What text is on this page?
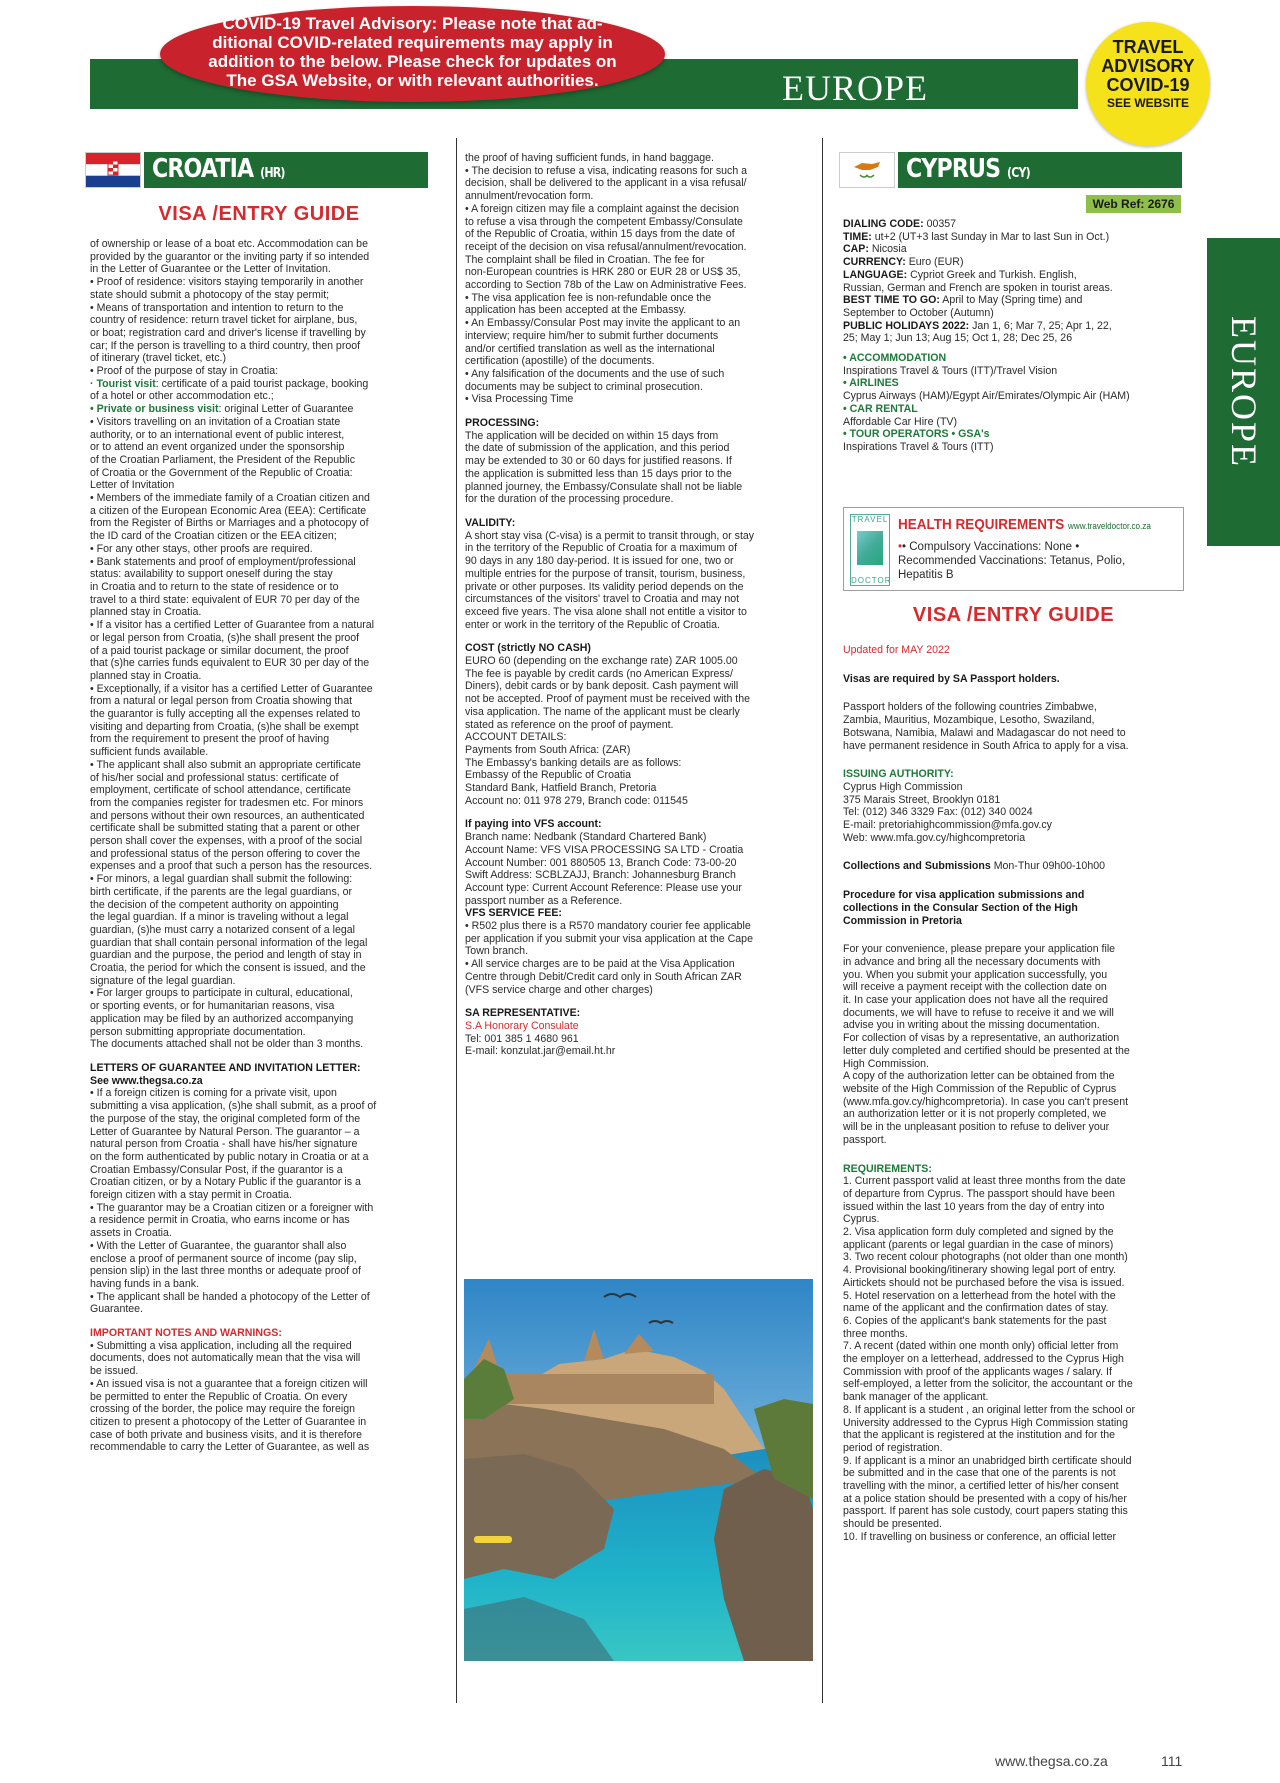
EUROPE
COVID-19 Travel Advisory: Please note that ad-
ditional COVID-related requirements may apply in
addition to the below. Please check for updates on
The GSA Website, or with relevant authorities.
TRAVEL
ADVISORY
COVID-19
SEE WEBSITE
EUROPE
CROATIA (HR)
VISA /ENTRY GUIDE

of ownership or lease of a boat etc. Accommodation can be

provided by the guarantor or the inviting party if so intended

in the Letter of Guarantee or the Letter of Invitation.

• Proof of residence: visitors staying temporarily in another

state should submit a photocopy of the stay permit;

• Means of transportation and intention to return to the

country of residence: return travel ticket for airplane, bus,

or boat; registration card and driver's license if travelling by

car; If the person is travelling to a third country, then proof

of itinerary (travel ticket, etc.)

• Proof of the purpose of stay in Croatia:

· Tourist visit: certificate of a paid tourist package, booking

of a hotel or other accommodation etc.;

• Private or business visit: original Letter of Guarantee

• Visitors travelling on an invitation of a Croatian state

authority, or to an international event of public interest,

or to attend an event organized under the sponsorship

of the Croatian Parliament, the President of the Republic

of Croatia or the Government of the Republic of Croatia:

Letter of Invitation

• Members of the immediate family of a Croatian citizen and

a citizen of the European Economic Area (EEA): Certificate

from the Register of Births or Marriages and a photocopy of

the ID card of the Croatian citizen or the EEA citizen;

• For any other stays, other proofs are required.

• Bank statements and proof of employment/professional

status: availability to support oneself during the stay

in Croatia and to return to the state of residence or to

travel to a third state: equivalent of EUR 70 per day of the

planned stay in Croatia.

• If a visitor has a certified Letter of Guarantee from a natural

or legal person from Croatia, (s)he shall present the proof

of a paid tourist package or similar document, the proof

that (s)he carries funds equivalent to EUR 30 per day of the

planned stay in Croatia.

• Exceptionally, if a visitor has a certified Letter of Guarantee

from a natural or legal person from Croatia showing that

the guarantor is fully accepting all the expenses related to

visiting and departing from Croatia, (s)he shall be exempt

from the requirement to present the proof of having

sufficient funds available.

• The applicant shall also submit an appropriate certificate

of his/her social and professional status: certificate of

employment, certificate of school attendance, certificate

from the companies register for tradesmen etc. For minors

and persons without their own resources, an authenticated

certificate shall be submitted stating that a parent or other

person shall cover the expenses, with a proof of the social

and professional status of the person offering to cover the

expenses and a proof that such a person has the resources.

• For minors, a legal guardian shall submit the following:

birth certificate, if the parents are the legal guardians, or

the decision of the competent authority on appointing

the legal guardian. If a minor is traveling without a legal

guardian, (s)he must carry a notarized consent of a legal

guardian that shall contain personal information of the legal

guardian and the purpose, the period and length of stay in

Croatia, the period for which the consent is issued, and the

signature of the legal guardian.

• For larger groups to participate in cultural, educational,

or sporting events, or for humanitarian reasons, visa

application may be filed by an authorized accompanying

person submitting appropriate documentation.

The documents attached shall not be older than 3 months.

LETTERS OF GUARANTEE AND INVITATION LETTER:

See www.thegsa.co.za

• If a foreign citizen is coming for a private visit, upon

submitting a visa application, (s)he shall submit, as a proof of

the purpose of the stay, the original completed form of the

Letter of Guarantee by Natural Person. The guarantor – a

natural person from Croatia - shall have his/her signature

on the form authenticated by public notary in Croatia or at a

Croatian Embassy/Consular Post, if the guarantor is a

Croatian citizen, or by a Notary Public if the guarantor is a

foreign citizen with a stay permit in Croatia.

• The guarantor may be a Croatian citizen or a foreigner with

a residence permit in Croatia, who earns income or has

assets in Croatia.

• With the Letter of Guarantee, the guarantor shall also

enclose a proof of permanent source of income (pay slip,

pension slip) in the last three months or adequate proof of

having funds in a bank.

• The applicant shall be handed a photocopy of the Letter of

Guarantee.

IMPORTANT NOTES AND WARNINGS:

• Submitting a visa application, including all the required

documents, does not automatically mean that the visa will

be issued.

• An issued visa is not a guarantee that a foreign citizen will

be permitted to enter the Republic of Croatia. On every

crossing of the border, the police may require the foreign

citizen to present a photocopy of the Letter of Guarantee in

case of both private and business visits, and it is therefore

recommendable to carry the Letter of Guarantee, as well as

the proof of having sufficient funds, in hand baggage.

• The decision to refuse a visa, indicating reasons for such a

decision, shall be delivered to the applicant in a visa refusal/

annulment/revocation form.

• A foreign citizen may file a complaint against the decision

to refuse a visa through the competent Embassy/Consulate

of the Republic of Croatia, within 15 days from the date of

receipt of the decision on visa refusal/annulment/revocation.

The complaint shall be filed in Croatian. The fee for

non-European countries is HRK 280 or EUR 28 or US$ 35,

according to Section 78b of the Law on Administrative Fees.

• The visa application fee is non-refundable once the

application has been accepted at the Embassy.

• An Embassy/Consular Post may invite the applicant to an

interview; require him/her to submit further documents

and/or certified translation as well as the international

certification (apostille) of the documents.

• Any falsification of the documents and the use of such

documents may be subject to criminal prosecution.

• Visa Processing Time

PROCESSING:

The application will be decided on within 15 days from

the date of submission of the application, and this period

may be extended to 30 or 60 days for justified reasons. If

the application is submitted less than 15 days prior to the

planned journey, the Embassy/Consulate shall not be liable

for the duration of the processing procedure.

VALIDITY:

A short stay visa (C-visa) is a permit to transit through, or stay

in the territory of the Republic of Croatia for a maximum of

90 days in any 180 day-period. It is issued for one, two or

multiple entries for the purpose of transit, tourism, business,

private or other purposes. Its validity period depends on the

circumstances of the visitors' travel to Croatia and may not

exceed five years. The visa alone shall not entitle a visitor to

enter or work in the territory of the Republic of Croatia.

COST (strictly NO CASH)

EURO 60 (depending on the exchange rate) ZAR 1005.00

The fee is payable by credit cards (no American Express/

Diners), debit cards or by bank deposit. Cash payment will

not be accepted. Proof of payment must be received with the

visa application. The name of the applicant must be clearly

stated as reference on the proof of payment.

ACCOUNT DETAILS:

Payments from South Africa: (ZAR)

The Embassy's banking details are as follows:

Embassy of the Republic of Croatia

Standard Bank, Hatfield Branch, Pretoria

Account no: 011 978 279, Branch code: 011545

If paying into VFS account:

Branch name: Nedbank (Standard Chartered Bank)

Account Name: VFS VISA PROCESSING SA LTD - Croatia

Account Number: 001 880505 13, Branch Code: 73-00-20

Swift Address: SCBLZAJJ, Branch: Johannesburg Branch

Account type: Current Account Reference: Please use your

passport number as a Reference.

VFS SERVICE FEE:

• R502 plus there is a R570 mandatory courier fee applicable

per application if you submit your visa application at the Cape

Town branch.

• All service charges are to be paid at the Visa Application

Centre through Debit/Credit card only in South African ZAR

(VFS service charge and other charges)

SA REPRESENTATIVE:

S.A Honorary Consulate

Tel: 001 385 1 4680 961

E-mail: konzulat.jar@email.ht.hr

CYPRUS (CY)
Web Ref: 2676

DIALING CODE: 00357

TIME: ut+2 (UT+3 last Sunday in Mar to last Sun in Oct.)

CAP: Nicosia

CURRENCY: Euro (EUR)

LANGUAGE: Cypriot Greek and Turkish. English,

Russian, German and French are spoken in tourist areas.

BEST TIME TO GO: April to May (Spring time) and

September to October (Autumn)

PUBLIC HOLIDAYS 2022: Jan 1, 6; Mar 7, 25; Apr 1, 22,

25; May 1; Jun 13; Aug 15; Oct 1, 28; Dec 25, 26

• ACCOMMODATION

Inspirations Travel & Tours (ITT)/Travel Vision

• AIRLINES

Cyprus Airways (HAM)/Egypt Air/Emirates/Olympic Air (HAM)

• CAR RENTAL

Affordable Car Hire (TV)

• TOUR OPERATORS • GSA's

Inspirations Travel & Tours (ITT)

TRAVEL
DOCTOR
HEALTH REQUIREMENTS www.traveldoctor.co.za
•• Compulsory Vaccinations: None •
Recommended Vaccinations: Tetanus, Polio,
Hepatitis B
VISA /ENTRY GUIDE

Updated for MAY 2022

Visas are required by SA Passport holders.

Passport holders of the following countries Zimbabwe,

Zambia, Mauritius, Mozambique, Lesotho, Swaziland,

Botswana, Namibia, Malawi and Madagascar do not need to

have permanent residence in South Africa to apply for a visa.

ISSUING AUTHORITY:

Cyprus High Commission

375 Marais Street, Brooklyn 0181

Tel: (012) 346 3329 Fax: (012) 340 0024

E-mail: pretoriahighcommission@mfa.gov.cy

Web: www.mfa.gov.cy/highcompretoria

Collections and Submissions Mon-Thur 09h00-10h00

Procedure for visa application submissions and

collections in the Consular Section of the High

Commission in Pretoria

For your convenience, please prepare your application file

in advance and bring all the necessary documents with

you. When you submit your application successfully, you

will receive a payment receipt with the collection date on

it. In case your application does not have all the required

documents, we will have to refuse to receive it and we will

advise you in writing about the missing documentation.

For collection of visas by a representative, an authorization

letter duly completed and certified should be presented at the

High Commission.

A copy of the authorization letter can be obtained from the

website of the High Commission of the Republic of Cyprus

(www.mfa.gov.cy/highcompretoria). In case you can't present

an authorization letter or it is not properly completed, we

will be in the unpleasant position to refuse to deliver your

passport.

REQUIREMENTS:

1. Current passport valid at least three months from the date

of departure from Cyprus. The passport should have been

issued within the last 10 years from the day of entry into

Cyprus.

2. Visa application form duly completed and signed by the

applicant (parents or legal guardian in the case of minors)

3. Two recent colour photographs (not older than one month)

4. Provisional booking/itinerary showing legal port of entry.

Airtickets should not be purchased before the visa is issued.

5. Hotel reservation on a letterhead from the hotel with the

name of the applicant and the confirmation dates of stay.

6. Copies of the applicant's bank statements for the past

three months.

7. A recent (dated within one month only) official letter from

the employer on a letterhead, addressed to the Cyprus High

Commission with proof of the applicants wages / salary. If

self-employed, a letter from the solicitor, the accountant or the

bank manager of the applicant.

8. If applicant is a student , an original letter from the school or

University addressed to the Cyprus High Commission stating

that the applicant is registered at the institution and for the

period of registration.

9. If applicant is a minor an unabridged birth certificate should

be submitted and in the case that one of the parents is not

travelling with the minor, a certified letter of his/her consent

at a police station should be presented with a copy of his/her

passport. If parent has sole custody, court papers stating this

should be presented.

10. If travelling on business or conference, an official letter

www.thegsa.co.za	111
